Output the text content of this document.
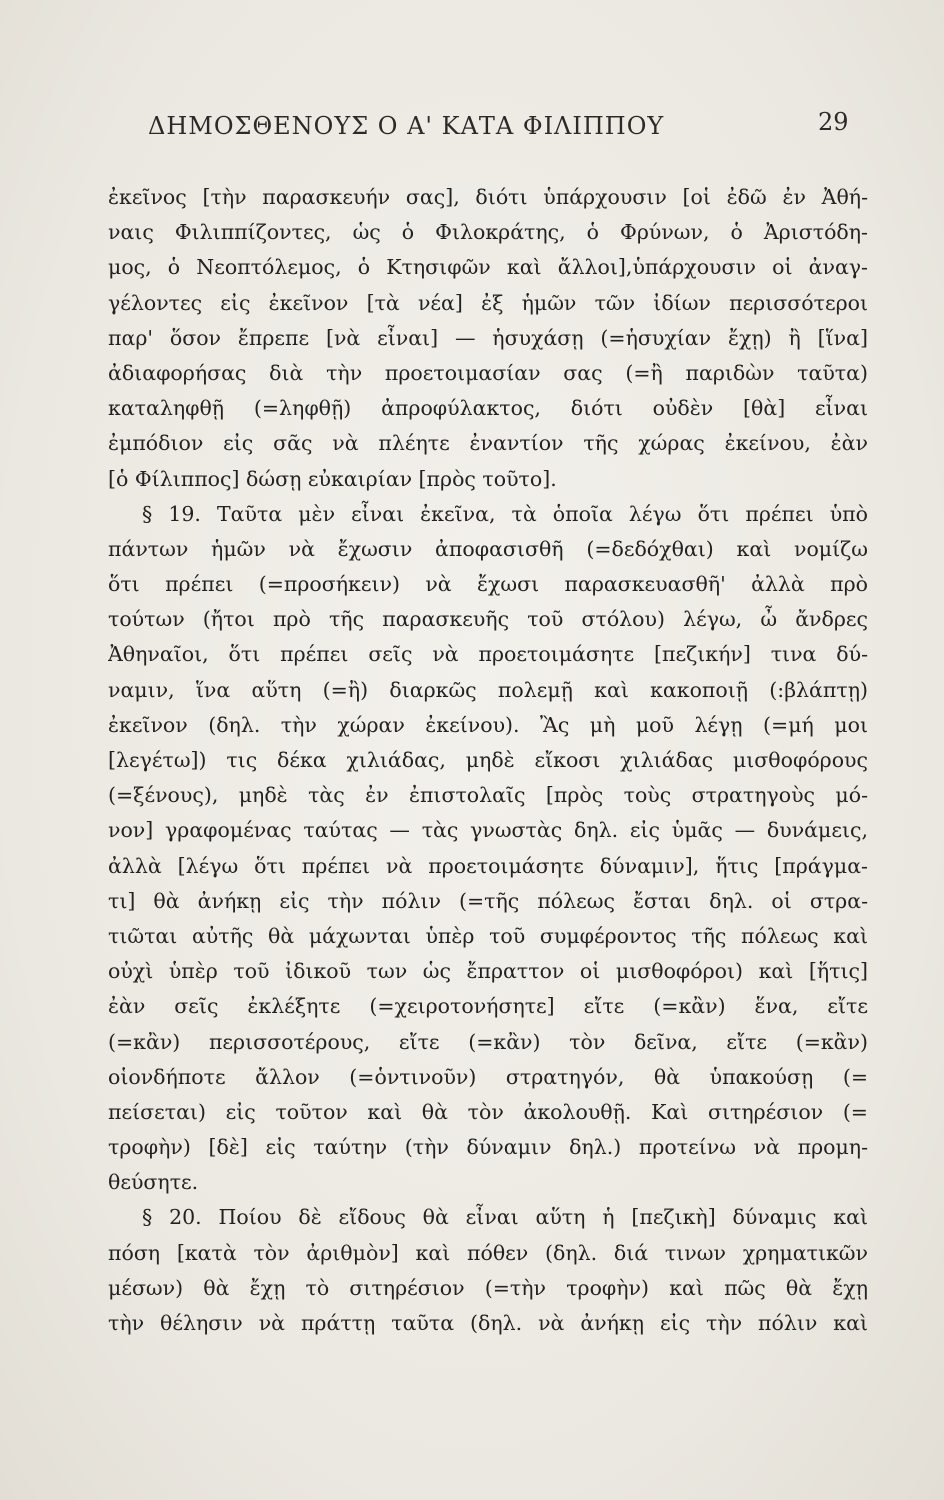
ΔΗΜΟΣΘΕΝΟΥΣ Ο Α' ΚΑΤΑ ΦΙΛΙΠΠΟΥ	29
ἐκεῖνος [τὴν παρασκευήν σας], διότι ὑπάρχουσιν [οἱ ἐδῶ ἐν Ἀθή-
ναις Φιλιππίζοντες, ὡς ὁ Φιλοκράτης, ὁ Φρύνων, ὁ Ἀριστόδη-
μος, ὁ Νεοπτόλεμος, ὁ Κτησιφῶν καὶ ἄλλοι],ὑπάρχουσιν οἱ ἀναγ-
γέλοντες εἰς ἐκεῖνον [τὰ νέα] ἐξ ἡμῶν τῶν ἰδίων περισσότεροι
παρ' ὅσον ἔπρεπε [νὰ εἶναι] — ἡσυχάσῃ (=ἡσυχίαν ἔχῃ) ἢ [ἵνα]
ἀδιαφορήσας διὰ τὴν προετοιμασίαν σας (=ἢ παριδὼν ταῦτα)
καταληφθῇ (=ληφθῇ) ἀπροφύλακτος, διότι οὐδὲν [θὰ] εἶναι
ἐμπόδιον εἰς σᾶς νὰ πλέητε ἐναντίον τῆς χώρας ἐκείνου, ἐὰν
[ὁ Φίλιππος] δώσῃ εὐκαιρίαν [πρὸς τοῦτο].
§ 19. Ταῦτα μὲν εἶναι ἐκεῖνα, τὰ ὁποῖα λέγω ὅτι πρέπει ὑπὸ
πάντων ἡμῶν νὰ ἔχωσιν ἀποφασισθῆ (=δεδόχθαι) καὶ νομίζω
ὅτι πρέπει (=προσήκειν) νὰ ἔχωσι παρασκευασθῆ' ἀλλὰ πρὸ
τούτων (ἤτοι πρὸ τῆς παρασκευῆς τοῦ στόλου) λέγω, ὦ ἄνδρες
Ἀθηναῖοι, ὅτι πρέπει σεῖς νὰ προετοιμάσητε [πεζικήν] τινα δύ-
ναμιν, ἵνα αὕτη (=ἢ) διαρκῶς πολεμῇ καὶ κακοποιῇ (:βλάπτῃ)
ἐκεῖνον (δηλ. τὴν χώραν ἐκείνου). Ἂς μὴ μοῦ λέγῃ (=μή μοι
[λεγέτω]) τις δέκα χιλιάδας, μηδὲ εἴκοσι χιλιάδας μισθοφόρους
(=ξένους), μηδὲ τὰς ἐν ἐπιστολαῖς [πρὸς τοὺς στρατηγοὺς μό-
νον] γραφομένας ταύτας — τὰς γνωστὰς δηλ. εἰς ὑμᾶς — δυνάμεις,
ἀλλὰ [λέγω ὅτι πρέπει νὰ προετοιμάσητε δύναμιν], ἥτις [πράγμα-
τι] θὰ ἀνήκῃ εἰς τὴν πόλιν (=τῆς πόλεως ἔσται δηλ. οἱ στρα-
τιῶται αὐτῆς θὰ μάχωνται ὑπὲρ τοῦ συμφέροντος τῆς πόλεως καὶ
οὐχὶ ὑπὲρ τοῦ ἰδικοῦ των ὡς ἔπραττον οἱ μισθοφόροι) καὶ [ἥτις]
ἐὰν σεῖς ἐκλέξητε (=χειροτονήσητε] εἴτε (=κἂν) ἕνα, εἴτε
(=κἂν) περισσοτέρους, εἴτε (=κἂν) τὸν δεῖνα, εἴτε (=κἂν)
οἱονδήποτε ἄλλον (=ὁντινοῦν) στρατηγόν, θὰ ὑπακούσῃ (=
πείσεται) εἰς τοῦτον καὶ θὰ τὸν ἀκολουθῇ. Καὶ σιτηρέσιον (=
τροφὴν) [δὲ] εἰς ταύτην (τὴν δύναμιν δηλ.) προτείνω νὰ προμη-
θεύσητε.
§ 20. Ποίου δὲ εἴδους θὰ εἶναι αὕτη ἡ [πεζικὴ] δύναμις καὶ
πόση [κατὰ τὸν ἀριθμὸν] καὶ πόθεν (δηλ. διά τινων χρηματικῶν
μέσων) θὰ ἔχῃ τὸ σιτηρέσιον (=τὴν τροφὴν) καὶ πῶς θὰ ἔχῃ
τὴν θέλησιν νὰ πράττῃ ταῦτα (δηλ. νὰ ἀνήκῃ εἰς τὴν πόλιν καὶ
